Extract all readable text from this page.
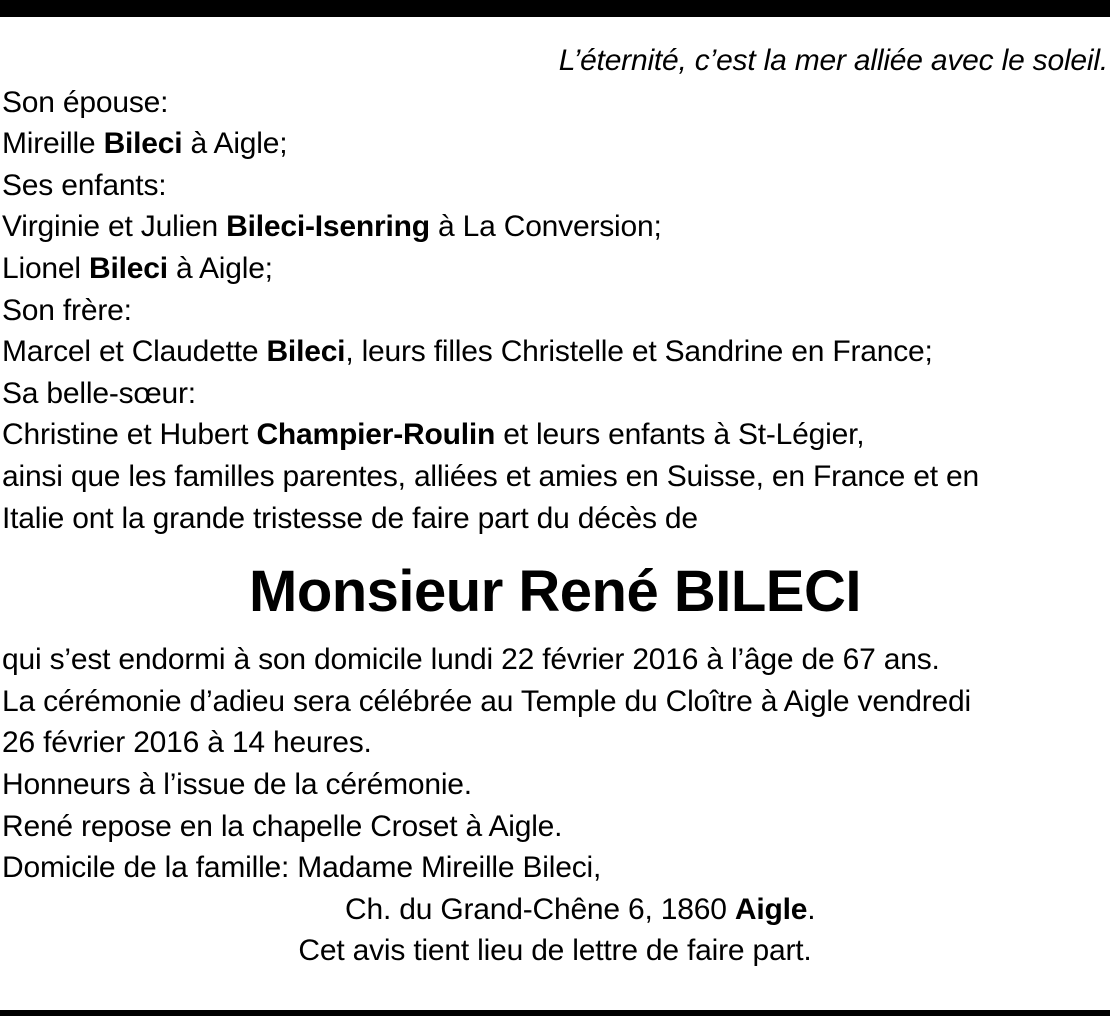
L’éternité, c’est la mer alliée avec le soleil.
Son épouse:
Mireille Bileci à Aigle;
Ses enfants:
Virginie et Julien Bileci-Isenring à La Conversion;
Lionel Bileci à Aigle;
Son frère:
Marcel et Claudette Bileci, leurs filles Christelle et Sandrine en France;
Sa belle-sœur:
Christine et Hubert Champier-Roulin et leurs enfants à St-Légier,
ainsi que les familles parentes, alliées et amies en Suisse, en France et en
Italie ont la grande tristesse de faire part du décès de
Monsieur René BILECI
qui s’est endormi à son domicile lundi 22 février 2016 à l’âge de 67 ans.
La cérémonie d’adieu sera célébrée au Temple du Cloître à Aigle vendredi
26 février 2016 à 14 heures.
Honneurs à l’issue de la cérémonie.
René repose en la chapelle Croset à Aigle.
Domicile de la famille: Madame Mireille Bileci,
Ch. du Grand-Chêne 6, 1860 Aigle.
Cet avis tient lieu de lettre de faire part.
